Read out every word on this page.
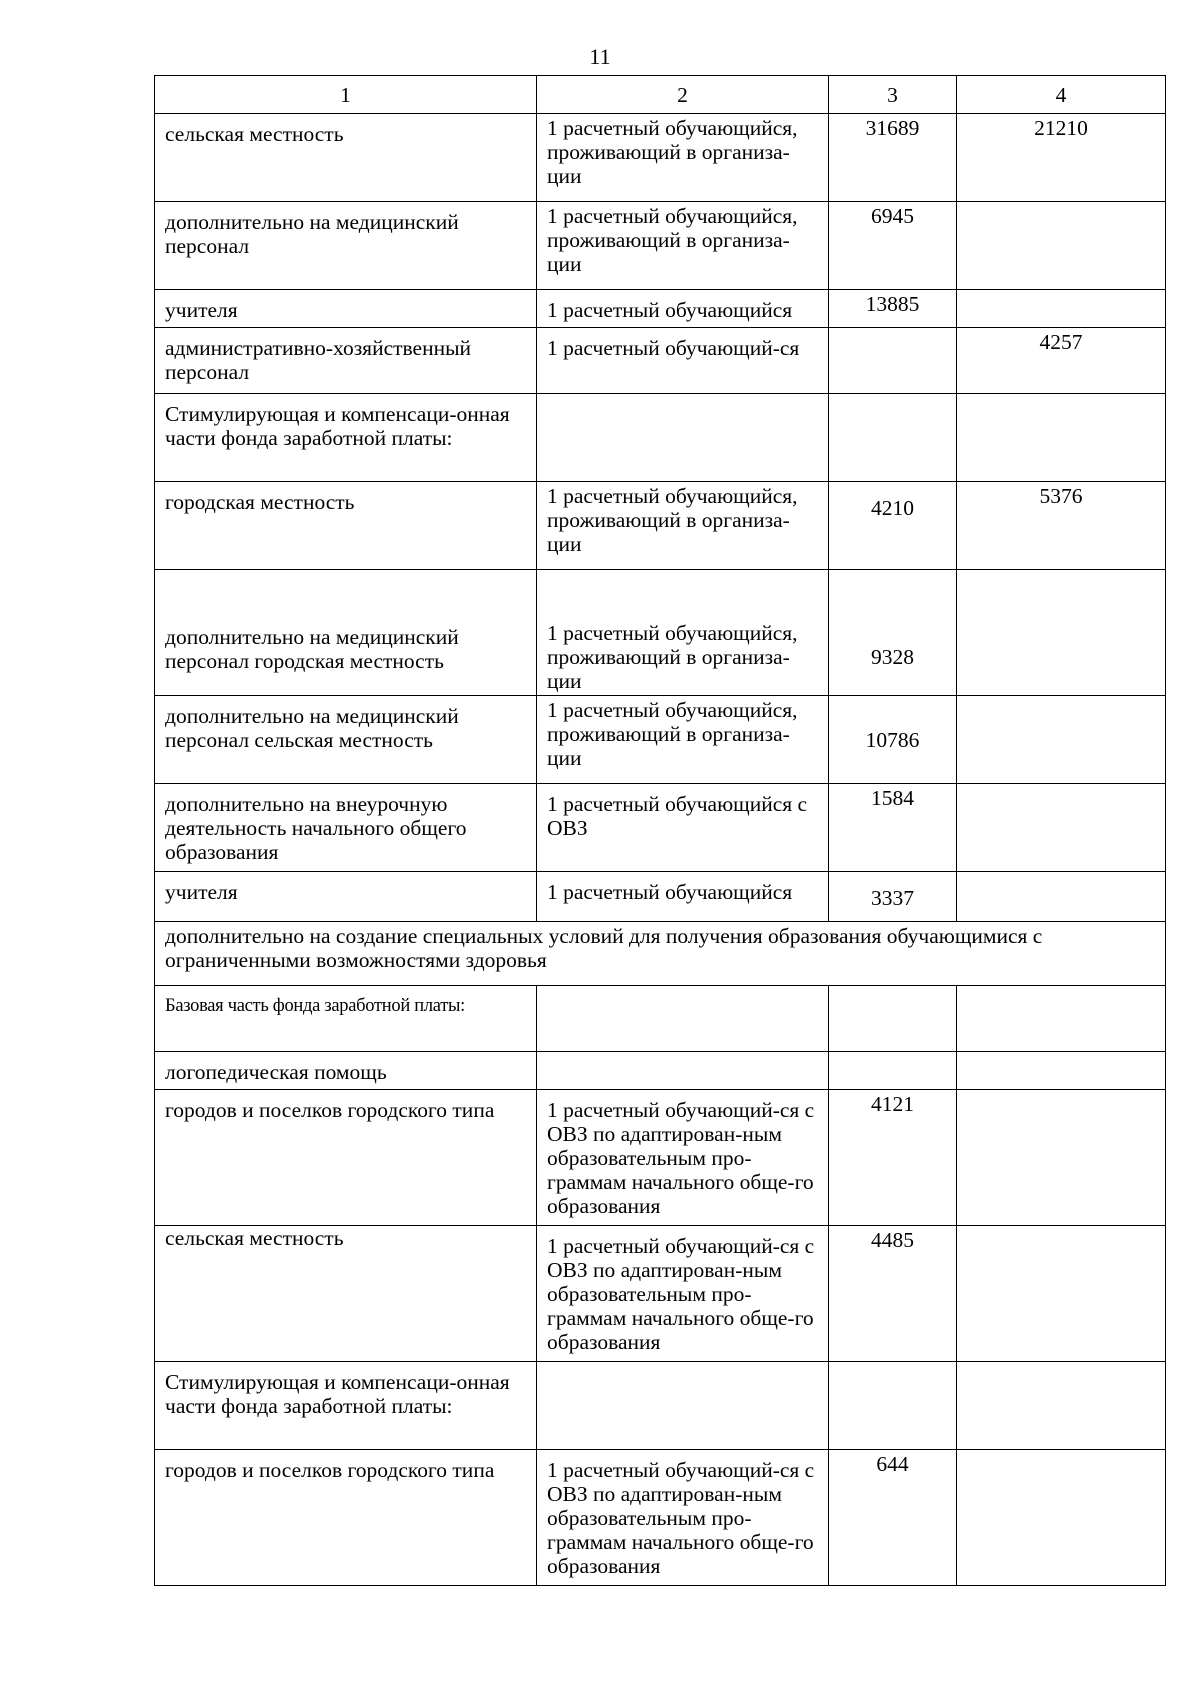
11
1	2	3	4
сельская местность	1 расчетный обучающийся, проживающий в организа-ции	31689	21210
дополнительно на медицинский персонал	1 расчетный обучающийся, проживающий в организа-ции	6945	
учителя	1 расчетный обучающийся	13885	
административно-хозяйственный персонал	1 расчетный обучающий-ся		4257
Стимулирующая и компенсаци-онная части фонда заработной платы:			
городская местность	1 расчетный обучающийся, проживающий в организа-ции	4210	5376
дополнительно на медицинский персонал городская местность	1 расчетный обучающийся, проживающий в организа-ции	9328	
дополнительно на медицинский персонал сельская местность	1 расчетный обучающийся, проживающий в организа-ции	10786	
дополнительно на внеурочную деятельность начального общего образования	1 расчетный обучающийся с ОВЗ	1584	
учителя	1 расчетный обучающийся	3337	
дополнительно на создание специальных условий для получения образования обучающимися с ограниченными возможностями здоровья			
Базовая часть фонда заработной платы:			
логопедическая помощь			
городов и поселков городского типа	1 расчетный обучающий-ся с ОВЗ по адаптирован-ным образовательным про-граммам начального обще-го образования	4121	
сельская местность	1 расчетный обучающий-ся с ОВЗ по адаптирован-ным образовательным про-граммам начального обще-го образования	4485	
Стимулирующая и компенсаци-онная части фонда заработной платы:			
городов и поселков городского типа	1 расчетный обучающий-ся с ОВЗ по адаптирован-ным образовательным про-граммам начального обще-го образования	644	
